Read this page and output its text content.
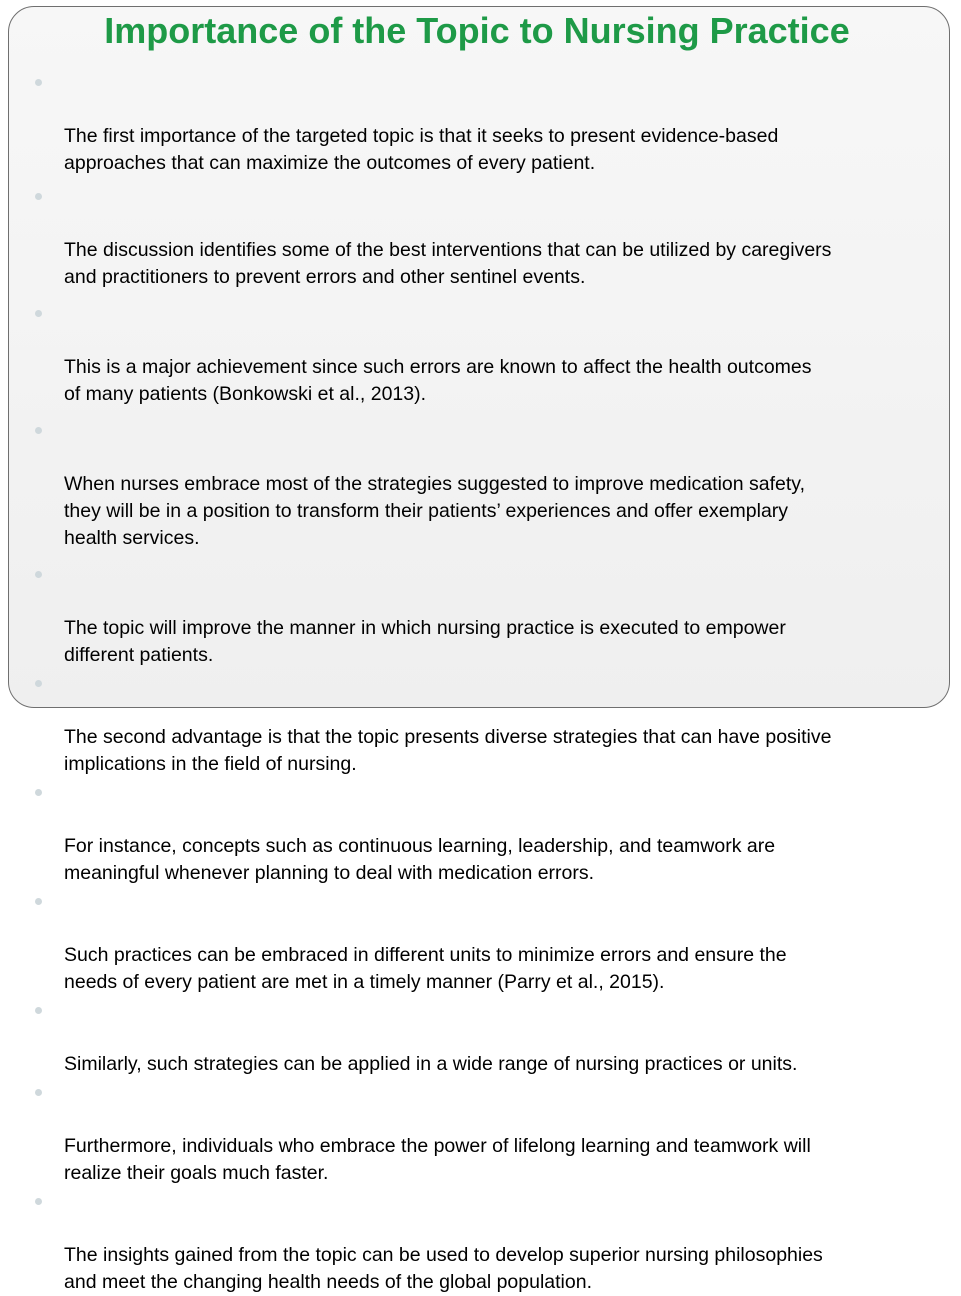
Importance of the Topic to Nursing Practice

The first importance of the targeted topic is that it seeks to present evidence-based
approaches that can maximize the outcomes of every patient.

The discussion identifies some of the best interventions that can be utilized by caregivers
and practitioners to prevent errors and other sentinel events.

This is a major achievement since such errors are known to affect the health outcomes
of many patients (Bonkowski et al., 2013).

When nurses embrace most of the strategies suggested to improve medication safety,
they will be in a position to transform their patients’ experiences and offer exemplary
health services.

The topic will improve the manner in which nursing practice is executed to empower
different patients.

The second advantage is that the topic presents diverse strategies that can have positive
implications in the field of nursing.

For instance, concepts such as continuous learning, leadership, and teamwork are
meaningful whenever planning to deal with medication errors.

Such practices can be embraced in different units to minimize errors and ensure the
needs of every patient are met in a timely manner (Parry et al., 2015).

Similarly, such strategies can be applied in a wide range of nursing practices or units.

Furthermore, individuals who embrace the power of lifelong learning and teamwork will
realize their goals much faster.

The insights gained from the topic can be used to develop superior nursing philosophies
and meet the changing health needs of the global population.
